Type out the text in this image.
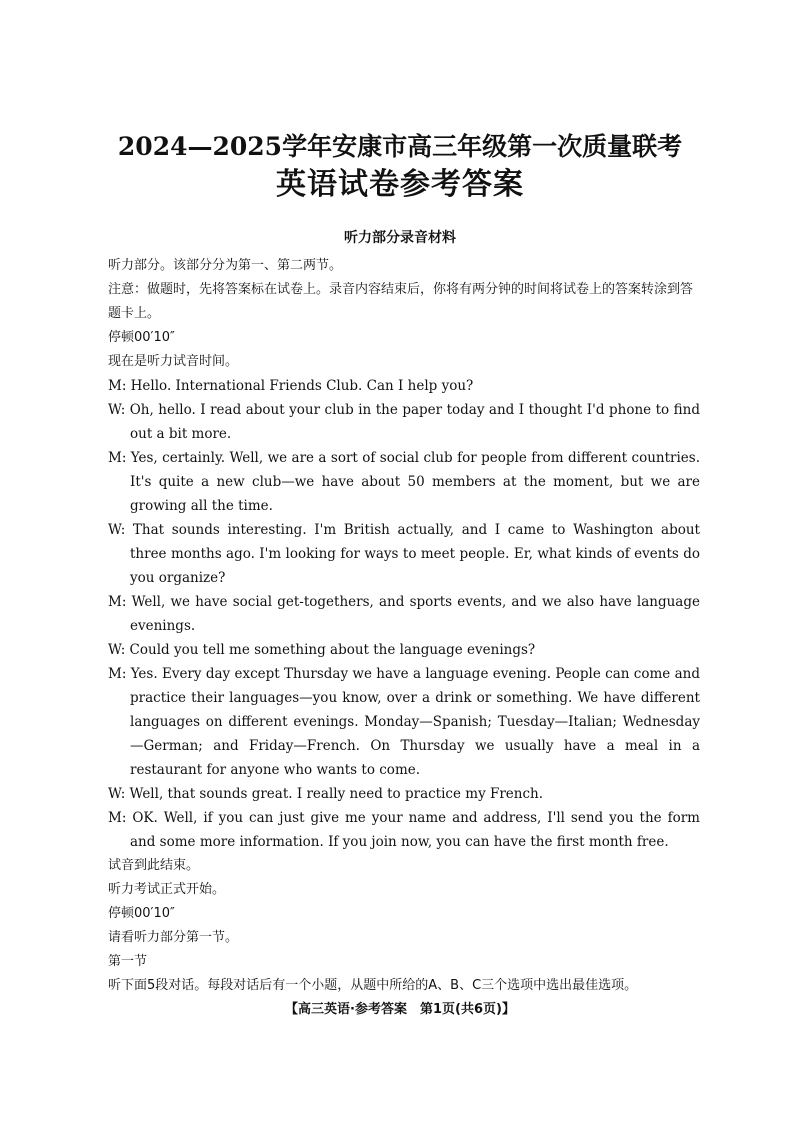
2024—2025学年安康市高三年级第一次质量联考
英语试卷参考答案
听力部分录音材料

听力部分。该部分分为第一、第二两节。

注意：做题时，先将答案标在试卷上。录音内容结束后，你将有两分钟的时间将试卷上的答案转涂到答题卡上。

停顿00′10″

现在是听力试音时间。

M: Hello. International Friends Club. Can I help you?

W: Oh, hello. I read about your club in the paper today and I thought I'd phone to find out a bit more.

M: Yes, certainly. Well, we are a sort of social club for people from different countries. It's quite a new club—we have about 50 members at the moment, but we are growing all the time.

W: That sounds interesting. I'm British actually, and I came to Washington about three months ago. I'm looking for ways to meet people. Er, what kinds of events do you organize?

M: Well, we have social get-togethers, and sports events, and we also have language evenings.

W: Could you tell me something about the language evenings?

M: Yes. Every day except Thursday we have a language evening. People can come and practice their languages—you know, over a drink or something. We have different languages on different evenings. Monday—Spanish; Tuesday—Italian; Wednesday—German; and Friday—French. On Thursday we usually have a meal in a restaurant for anyone who wants to come.

W: Well, that sounds great. I really need to practice my French.

M: OK. Well, if you can just give me your name and address, I'll send you the form and some more information. If you join now, you can have the first month free.

试音到此结束。

听力考试正式开始。

停顿00′10″

请看听力部分第一节。

第一节

听下面5段对话。每段对话后有一个小题，从题中所给的A、B、C三个选项中选出最佳选项。

【高三英语·参考答案　第1页(共6页)】
